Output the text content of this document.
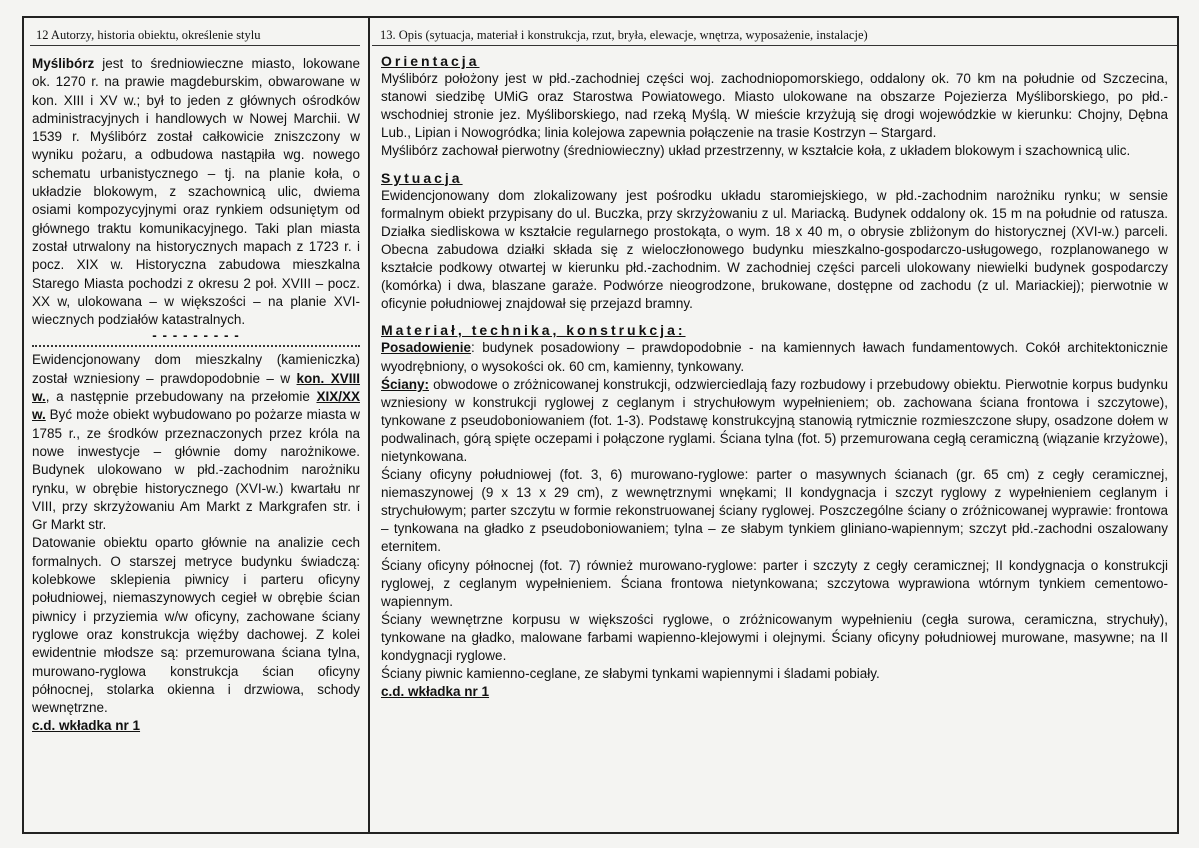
12 Autorzy, historia obiektu, określenie stylu	13. Opis (sytuacja, materiał i konstrukcja, rzut, bryła, elewacje, wnętrza, wyposażenie, instalacje)

Myślibórz jest to średniowieczne miasto, lokowane ok. 1270 r. na prawie magdeburskim, obwarowane w kon. XIII i XV w.; był to jeden z głównych ośrodków administracyjnych i handlowych w Nowej Marchii. W 1539 r. Myślibórz został całkowicie zniszczony w wyniku pożaru, a odbudowa nastąpiła wg. nowego schematu urbanistycznego – tj. na planie koła, o układzie blokowym, z szachownicą ulic, dwiema osiami kompozycyjnymi oraz rynkiem odsuniętym od głównego traktu komunikacyjnego. Taki plan miasta został utrwalony na historycznych mapach z 1723 r. i pocz. XIX w. Historyczna zabudowa mieszkalna Starego Miasta pochodzi z okresu 2 poł. XVIII – pocz. XX w, ulokowana – w większości – na planie XVI-wiecznych podziałów katastralnych.

- - - - - - - - -

Ewidencjonowany dom mieszkalny (kamieniczka) został wzniesiony – prawdopodobnie – w kon. XVIII w., a następnie przebudowany na przełomie XIX/XX w. Być może obiekt wybudowano po pożarze miasta w 1785 r., ze środków przeznaczonych przez króla na nowe inwestycje – głównie domy narożnikowe. Budynek ulokowano w płd.-zachodnim narożniku rynku, w obrębie historycznego (XVI-w.) kwartału nr VIII, przy skrzyżowaniu Am Markt z Markgrafen str. i Gr Markt str.

Datowanie obiektu oparto głównie na analizie cech formalnych. O starszej metryce budynku świadczą: kolebkowe sklepienia piwnicy i parteru oficyny południowej, niemaszynowych cegieł w obrębie ścian piwnicy i przyziemia w/w oficyny, zachowane ściany ryglowe oraz konstrukcja więźby dachowej. Z kolei ewidentnie młodsze są: przemurowana ściana tylna, murowano-ryglowa konstrukcja ścian oficyny północnej, stolarka okienna i drzwiowa, schody wewnętrzne.

c.d. wkładka nr 1

Orientacja

Myślibórz położony jest w płd.-zachodniej części woj. zachodniopomorskiego, oddalony ok. 70 km na południe od Szczecina, stanowi siedzibę UMiG oraz Starostwa Powiatowego. Miasto ulokowane na obszarze Pojezierza Myśliborskiego, po płd.-wschodniej stronie jez. Myśliborskiego, nad rzeką Myślą. W mieście krzyżują się drogi wojewódzkie w kierunku: Chojny, Dębna Lub., Lipian i Nowogródka; linia kolejowa zapewnia połączenie na trasie Kostrzyn – Stargard.

Myślibórz zachował pierwotny (średniowieczny) układ przestrzenny, w kształcie koła, z układem blokowym i szachownicą ulic.

Sytuacja

Ewidencjonowany dom zlokalizowany jest pośrodku układu staromiejskiego, w płd.-zachodnim narożniku rynku; w sensie formalnym obiekt przypisany do ul. Buczka, przy skrzyżowaniu z ul. Mariacką. Budynek oddalony ok. 15 m na południe od ratusza. Działka siedliskowa w kształcie regularnego prostokąta, o wym. 18 x 40 m, o obrysie zbliżonym do historycznej (XVI-w.) parceli. Obecna zabudowa działki składa się z wieloczłonowego budynku mieszkalno-gospodarczo-usługowego, rozplanowanego w kształcie podkowy otwartej w kierunku płd.-zachodnim. W zachodniej części parceli ulokowany niewielki budynek gospodarczy (komórka) i dwa, blaszane garaże. Podwórze nieogrodzone, brukowane, dostępne od zachodu (z ul. Mariackiej); pierwotnie w oficynie południowej znajdował się przejazd bramny.

Materiał, technika, konstrukcja:

Posadowienie: budynek posadowiony – prawdopodobnie - na kamiennych ławach fundamentowych. Cokół architektonicznie wyodrębniony, o wysokości ok. 60 cm, kamienny, tynkowany.

Ściany: obwodowe o zróżnicowanej konstrukcji, odzwierciedlają fazy rozbudowy i przebudowy obiektu. Pierwotnie korpus budynku wzniesiony w konstrukcji ryglowej z ceglanym i strychułowym wypełnieniem; ob. zachowana ściana frontowa i szczytowe), tynkowane z pseudoboniowaniem (fot. 1-3). Podstawę konstrukcyjną stanowią rytmicznie rozmieszczone słupy, osadzone dołem w podwalinach, górą spięte oczepami i połączone ryglami. Ściana tylna (fot. 5) przemurowana cegłą ceramiczną (wiązanie krzyżowe), nietynkowana.

Ściany oficyny południowej (fot. 3, 6) murowano-ryglowe: parter o masywnych ścianach (gr. 65 cm) z cegły ceramicznej, niemaszynowej (9 x 13 x 29 cm), z wewnętrznymi wnękami; II kondygnacja i szczyt ryglowy z wypełnieniem ceglanym i strychułowym; parter szczytu w formie rekonstruowanej ściany ryglowej. Poszczególne ściany o zróżnicowanej wyprawie: frontowa – tynkowana na gładko z pseudoboniowaniem; tylna – ze słabym tynkiem gliniano-wapiennym; szczyt płd.-zachodni oszalowany eternitem.

Ściany oficyny północnej (fot. 7) również murowano-ryglowe: parter i szczyty z cegły ceramicznej; II kondygnacja o konstrukcji ryglowej, z ceglanym wypełnieniem. Ściana frontowa nietynkowana; szczytowa wyprawiona wtórnym tynkiem cementowo-wapiennym.

Ściany wewnętrzne korpusu w większości ryglowe, o zróżnicowanym wypełnieniu (cegła surowa, ceramiczna, strychuły), tynkowane na gładko, malowane farbami wapienno-klejowymi i olejnymi. Ściany oficyny południowej murowane, masywne; na II kondygnacji ryglowe.

Ściany piwnic kamienno-ceglane, ze słabymi tynkami wapiennymi i śladami pobiały.

c.d. wkładka nr 1
